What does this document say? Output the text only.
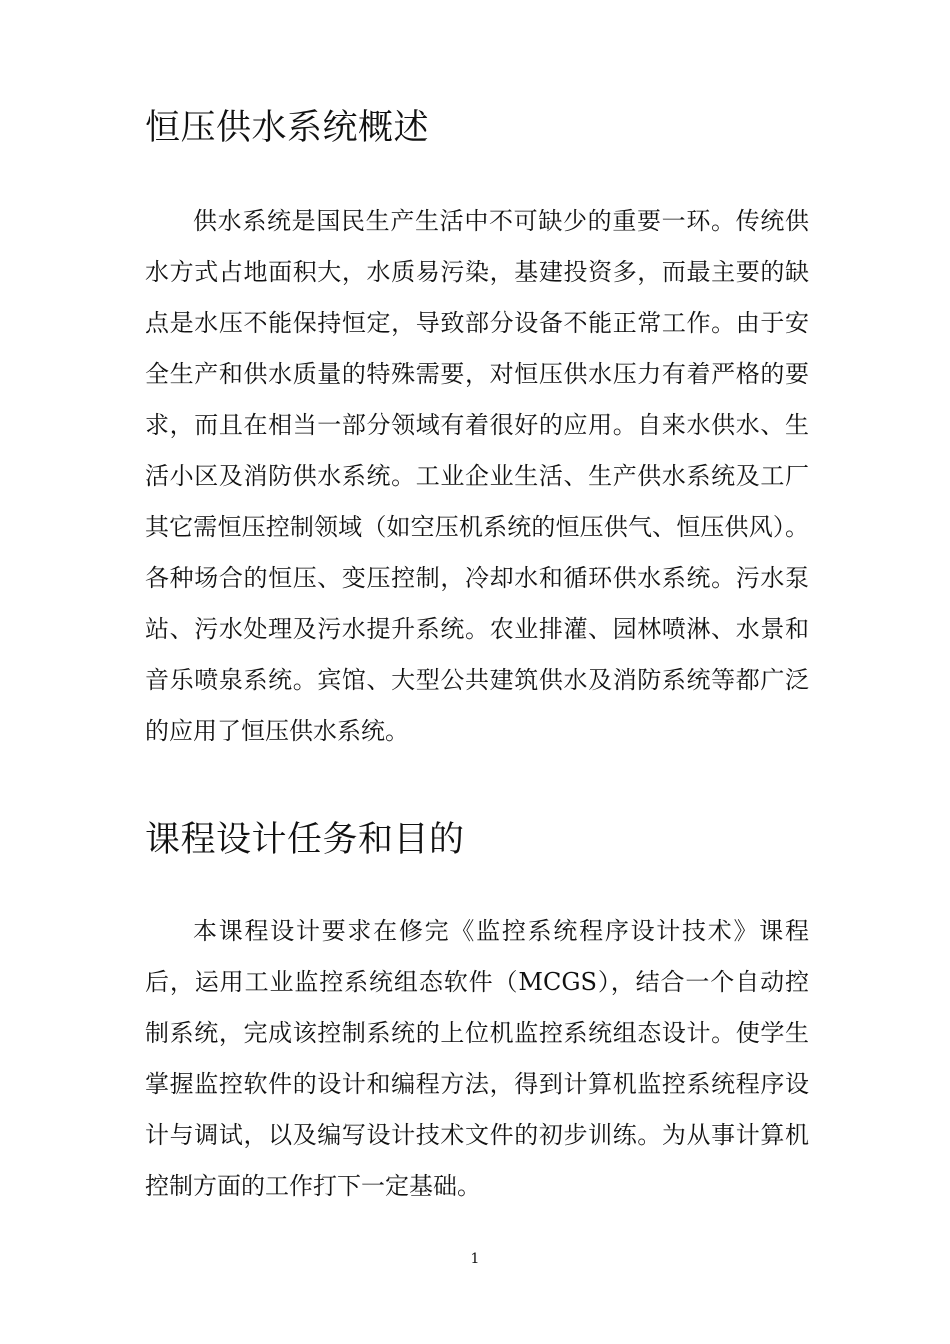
恒压供水系统概述

供水系统是国民生产生活中不可缺少的重要一环。传统供水方式占地面积大，水质易污染，基建投资多，而最主要的缺点是水压不能保持恒定，导致部分设备不能正常工作。由于安全生产和供水质量的特殊需要，对恒压供水压力有着严格的要求，而且在相当一部分领域有着很好的应用。自来水供水、生活小区及消防供水系统。工业企业生活、生产供水系统及工厂其它需恒压控制领域（如空压机系统的恒压供气、恒压供风）。各种场合的恒压、变压控制，冷却水和循环供水系统。污水泵站、污水处理及污水提升系统。农业排灌、园林喷淋、水景和音乐喷泉系统。宾馆、大型公共建筑供水及消防系统等都广泛的应用了恒压供水系统。

课程设计任务和目的

本课程设计要求在修完《监控系统程序设计技术》课程后，运用工业监控系统组态软件（MCGS），结合一个自动控制系统，完成该控制系统的上位机监控系统组态设计。使学生掌握监控软件的设计和编程方法，得到计算机监控系统程序设计与调试，以及编写设计技术文件的初步训练。为从事计算机控制方面的工作打下一定基础。

1
